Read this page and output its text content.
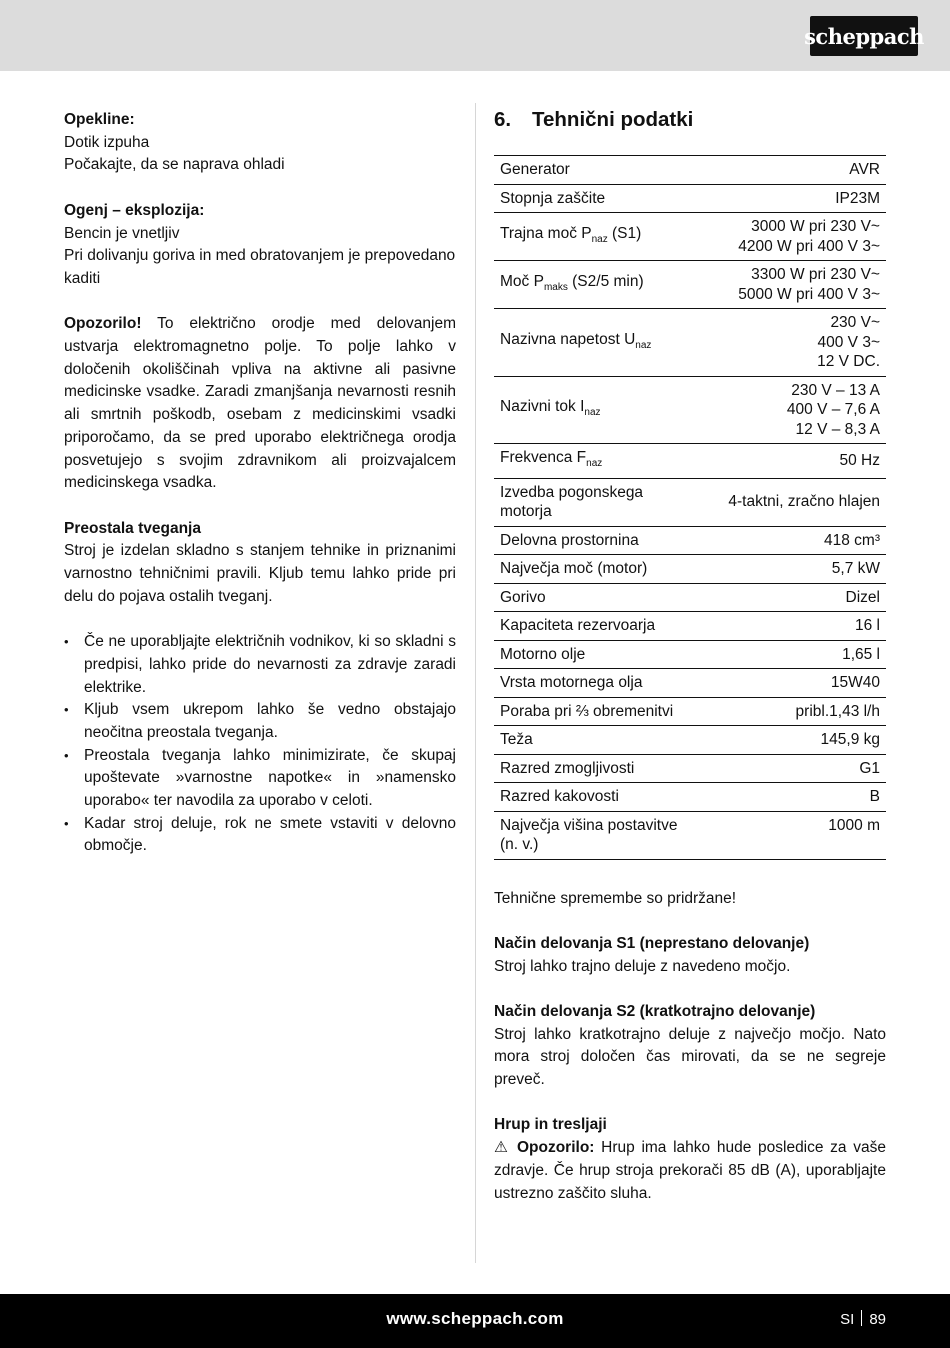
scheppach

Opekline:

Dotik izpuha

Počakajte, da se naprava ohladi

Ogenj – eksplozija:

Bencin je vnetljiv

Pri dolivanju goriva in med obratovanjem je prepovedano kaditi

Opozorilo! To električno orodje med delovanjem ustvarja elektromagnetno polje. To polje lahko v določenih okoliščinah vpliva na aktivne ali pasivne medicinske vsadke. Zaradi zmanjšanja nevarnosti resnih ali smrtnih poškodb, osebam z medicinskimi vsadki priporočamo, da se pred uporabo električnega orodja posvetujejo s svojim zdravnikom ali proizvajalcem medicinskega vsadka.

Preostala tveganja

Stroj je izdelan skladno s stanjem tehnike in priznanimi varnostno tehničnimi pravili. Kljub temu lahko pride pri delu do pojava ostalih tveganj.

• Če ne uporabljajte električnih vodnikov, ki so skladni s predpisi, lahko pride do nevarnosti za zdravje zaradi elektrike.
• Kljub vsem ukrepom lahko še vedno obstajajo neočitna preostala tveganja.
• Preostala tveganja lahko minimizirate, če skupaj upoštevate »varnostne napotke« in »namensko uporabo« ter navodila za uporabo v celoti.
• Kadar stroj deluje, rok ne smete vstaviti v delovno območje.
6. Tehnični podatki
Generator	AVR
Stopnja zaščite	IP23M
Trajna moč $P_{naz}$ (S1)	3000 W pri 230 V~
4200 W pri 400 V 3~
Moč $P_{maks}$ (S2/5 min)	3300 W pri 230 V~
5000 W pri 400 V 3~
Nazivna napetost $U_{naz}$	230 V~
400 V 3~
12 V DC.
Nazivni tok $I_{naz}$	230 V – 13 A
400 V – 7,6 A
12 V – 8,3 A
Frekvenca $F_{naz}$	50 Hz
Izvedba pogonskega motorja	4-taktni, zračno hlajen
Delovna prostornina	418 cm³
Največja moč (motor)	5,7 kW
Gorivo	Dizel
Kapaciteta rezervoarja	16 l
Motorno olje	1,65 l
Vrsta motornega olja	15W40
Poraba pri ⅔ obremenitvi	pribl.1,43 l/h
Teža	145,9 kg
Razred zmogljivosti	G1
Razred kakovosti	B
Največja višina postavitve (n. v.)	1000 m

Tehnične spremembe so pridržane!

Način delovanja S1 (neprestano delovanje)

Stroj lahko trajno deluje z navedeno močjo.

Način delovanja S2 (kratkotrajno delovanje)

Stroj lahko kratkotrajno deluje z največjo močjo. Nato mora stroj določen čas mirovati, da se ne segreje preveč.

Hrup in tresljaji

⚠ Opozorilo: Hrup ima lahko hude posledice za vaše zdravje. Če hrup stroja prekorači 85 dB (A), uporabljajte ustrezno zaščito sluha.

www.scheppach.com	SI 89
